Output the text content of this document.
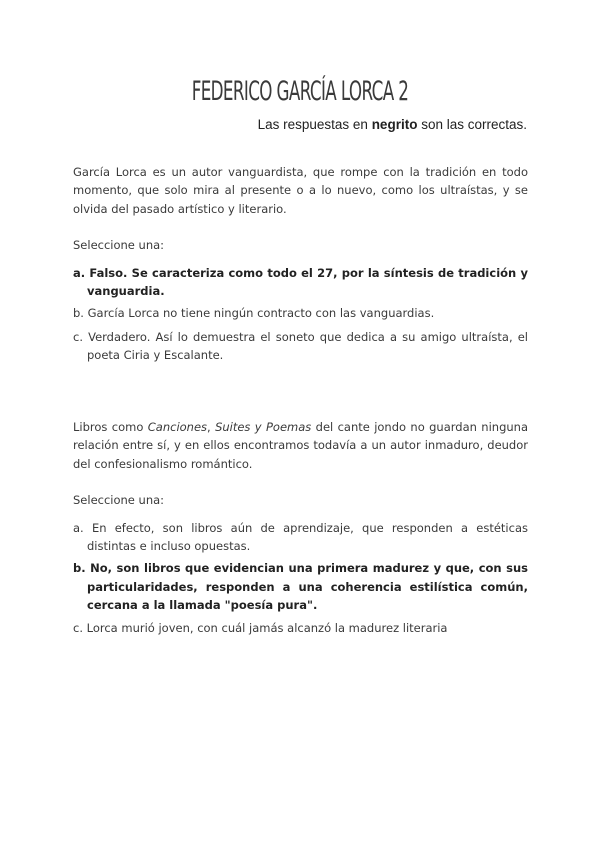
FEDERICO GARCÍA LORCA 2
Las respuestas en negrito son las correctas.

García Lorca es un autor vanguardista, que rompe con la tradición en todo momento, que solo mira al presente o a lo nuevo, como los ultraístas, y se olvida del pasado artístico y literario.

Seleccione una:

a. Falso. Se caracteriza como todo el 27, por la síntesis de tradición y vanguardia.

b. García Lorca no tiene ningún contracto con las vanguardias.

c. Verdadero. Así lo demuestra el soneto que dedica a su amigo ultraísta, el poeta Ciria y Escalante.

Libros como Canciones, Suites y Poemas del cante jondo no guardan ninguna relación entre sí, y en ellos encontramos todavía a un autor inmaduro, deudor del confesionalismo romántico.

Seleccione una:

a. En efecto, son libros aún de aprendizaje, que responden a estéticas distintas e incluso opuestas.

b. No, son libros que evidencian una primera madurez y que, con sus particularidades, responden a una coherencia estilística común, cercana a la llamada "poesía pura".

c. Lorca murió joven, con cuál jamás alcanzó la madurez literaria
